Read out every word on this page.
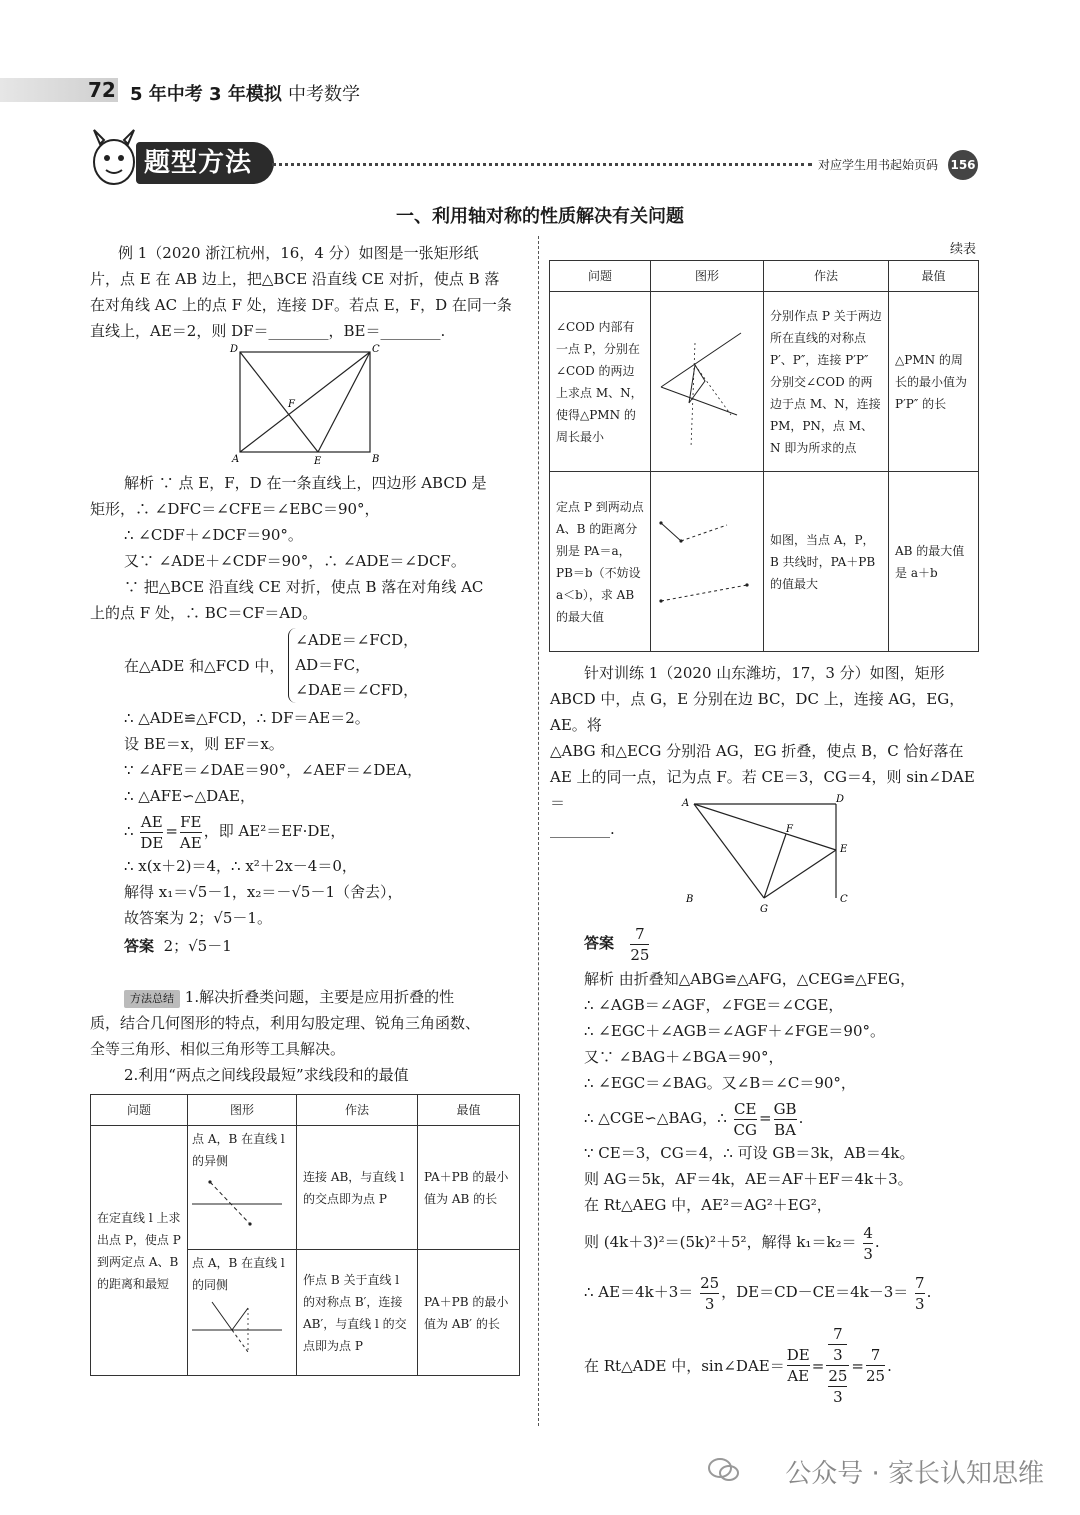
72 5 年中考 3 年模拟 中考数学
题型方法	对应学生用书起始页码 156
一、利用轴对称的性质解决有关问题
例 1（2020 浙江杭州，16，4 分）如图是一张矩形纸
片，点 E 在 AB 边上，把△BCE 沿直线 CE 对折，使点 B 落
在对角线 AC 上的点 F 处，连接 DF。若点 E，F，D 在同一条
直线上，AE＝2，则 DF＝________，BE＝________.
D	C
F
A	E	B
解析 ∵ 点 E，F，D 在一条直线上，四边形 ABCD 是
矩形，∴ ∠DFC＝∠CFE＝∠EBC＝90°，
∴ ∠CDF＋∠DCF＝90°。
又∵ ∠ADE＋∠CDF＝90°，∴ ∠ADE＝∠DCF。
∵ 把△BCE 沿直线 CE 对折，使点 B 落在对角线 AC
上的点 F 处，∴ BC＝CF＝AD。
在△ADE 和△FCD 中，
∠ADE＝∠FCD，
AD＝FC，
∠DAE＝∠CFD，
∴ △ADE≌△FCD，∴ DF＝AE＝2。
设 BE＝x，则 EF＝x。
∵ ∠AFE＝∠DAE＝90°，∠AEF＝∠DEA，
∴ △AFE∽△DAE，
∴ $\frac{AE}{DE} = \frac{FE}{AE}$ ，即 AE²＝EF·DE，
∴ x(x＋2)＝4，∴ x²＋2x－4＝0，
解得 x₁＝√5－1，x₂＝－√5－1（舍去），
故答案为 2；√5－1。
答案 2；√5－1
方法总结 1.解决折叠类问题，主要是应用折叠的性
质，结合几何图形的特点，利用勾股定理、锐角三角函数、
全等三角形、相似三角形等工具解决。
2.利用“两点之间线段最短”求线段和的最值
问题	图形	作法	最值
在定直线 l 上求出点 P，使点 P 到两定点 A、B 的距离和最短	点 A，B 在直线 l 的异侧	连接 AB，与直线 l 的交点即为点 P	PA＋PB 的最小值为 AB 的长

	点 A，B 在直线 l 的同侧	作点 B 关于直线 l 的对称点 B′，连接 AB′，与直线 l 的交点即为点 P	PA＋PB 的最小值为 AB′ 的长
续表
问题	图形	作法	最值
∠COD 内部有一点 P，分别在∠COD 的两边上求点 M、N，使得△PMN 的周长最小		分别作点 P 关于两边所在直线的对称点 P′、P″，连接 P′P″ 分别交∠COD 的两边于点 M、N，连接 PM，PN，点 M、N 即为所求的点	△PMN 的周长的最小值为 P′P″ 的长
定点 P 到两动点 A、B 的距离分别是 PA＝a，PB＝b（不妨设 a＜b），求 AB 的最大值		如图，当点 A，P，B 共线时，PA＋PB 的值最大	AB 的最大值是 a＋b
针对训练 1（2020 山东潍坊，17，3 分）如图，矩形
ABCD 中，点 G，E 分别在边 BC，DC 上，连接 AG，EG，AE。将
△ABG 和△ECG 分别沿 AG，EG 折叠，使点 B，C 恰好落在
AE 上的同一点，记为点 F。若 CE＝3，CG＝4，则 sin∠DAE＝
________.
A	D
F
E
B
G
C
答案 $\frac{7}{25}$
解析 由折叠知△ABG≌△AFG，△CEG≌△FEG，
∴ ∠AGB＝∠AGF，∠FGE＝∠CGE，
∴ ∠EGC＋∠AGB＝∠AGF＋∠FGE＝90°。
又∵ ∠BAG＋∠BGA＝90°，
∴ ∠EGC＝∠BAG。又∠B＝∠C＝90°，
∴ △CGE∽△BAG，∴ $\frac{CE}{CG} = \frac{GB}{BA}$ .
∵ CE＝3，CG＝4，∴ 可设 GB＝3k，AB＝4k。
则 AG＝5k，AF＝4k，AE＝AF＋EF＝4k＋3。
在 Rt△AEG 中，AE²＝AG²＋EG²，
则 (4k＋3)²＝(5k)²＋5²，解得 $k_1=k_2= \frac{4}{3}$ .
∴ $AE=4k+3= \frac{25}{3}$ ，$DE=CD-CE=4k-3= \frac{7}{3}$ .
在 Rt△ADE 中，sin∠DAE＝ $\frac{DE}{AE} = 7$
3
25
$3 = \frac{7}{25}$ .
公众号 · 家长认知思维
